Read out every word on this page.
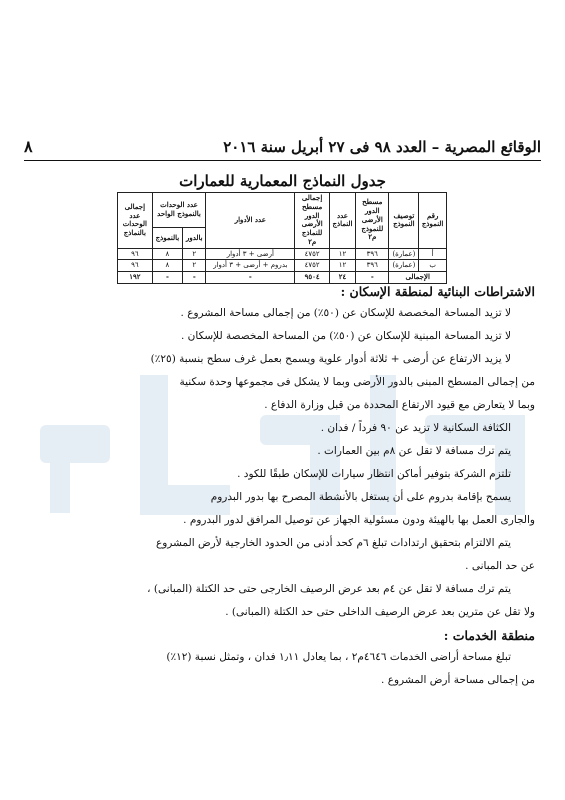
الوقائع المصرية – العدد ٩٨ فى ٢٧ أبريل سنة ٢٠١٦
٨
جدول النماذج المعمارية للعمارات
رقم النموذج	توصيف النموذج	مسطح الدور الأرضى للنموذج م٢	عدد النماذج	إجمالى مسطح الدور الأرضى للنماذج م٢	عدد الأدوار	عدد الوحدات بالنموذج الواحد		إجمالى عدد الوحدات بالنماذج
						بالدور	بالنموذج	
أ	(عمارة)	٣٩٦	١٢	٤٧٥٢	أرضى + ٣ أدوار	٢	٨	٩٦
ب	(عمارة)	٣٩٦	١٢	٤٧٥٢	بدروم + أرضى + ٣ أدوار	٢	٨	٩٦
الإجمالى		-	٢٤	٩٥٠٤	-	-	-	١٩٢
الاشتراطات البنائية لمنطقة الإسكان :

لا تزيد المساحة المخصصة للإسكان عن (٥٠٪) من إجمالى مساحة المشروع .

لا تزيد المساحة المبنية للإسكان عن (٥٠٪) من المساحة المخصصة للإسكان .

لا يزيد الارتفاع عن أرضى + ثلاثة أدوار علوية ويسمح بعمل غرف سطح بنسبة (٢٥٪)

من إجمالى المسطح المبنى بالدور الأرضى وبما لا يشكل فى مجموعها وحدة سكنية

وبما لا يتعارض مع قيود الارتفاع المحددة من قبل وزارة الدفاع .

الكثافة السكانية لا تزيد عن ٩٠ فرداً / فدان .

يتم ترك مسافة لا تقل عن ٨م بين العمارات .

تلتزم الشركة بتوفير أماكن انتظار سيارات للإسكان طبقًا للكود .

يسمح بإقامة بدروم على أن يستغل بالأنشطة المصرح بها بدور البدروم

والجارى العمل بها بالهيئة ودون مسئولية الجهاز عن توصيل المرافق لدور البدروم .

يتم الالتزام بتحقيق ارتدادات تبلغ ٦م كحد أدنى من الحدود الخارجية لأرض المشروع

عن حد المبانى .

يتم ترك مسافة لا تقل عن ٤م بعد عرض الرصيف الخارجى حتى حد الكتلة (المبانى) ،

ولا تقل عن مترين بعد عرض الرصيف الداخلى حتى حد الكتلة (المبانى) .

منطقة الخدمات :

تبلغ مساحة أراضى الخدمات ٤٦٤٦م٢ ، بما يعادل ١٫١١ فدان ، وتمثل نسبة (١٢٪)

من إجمالى مساحة أرض المشروع .
